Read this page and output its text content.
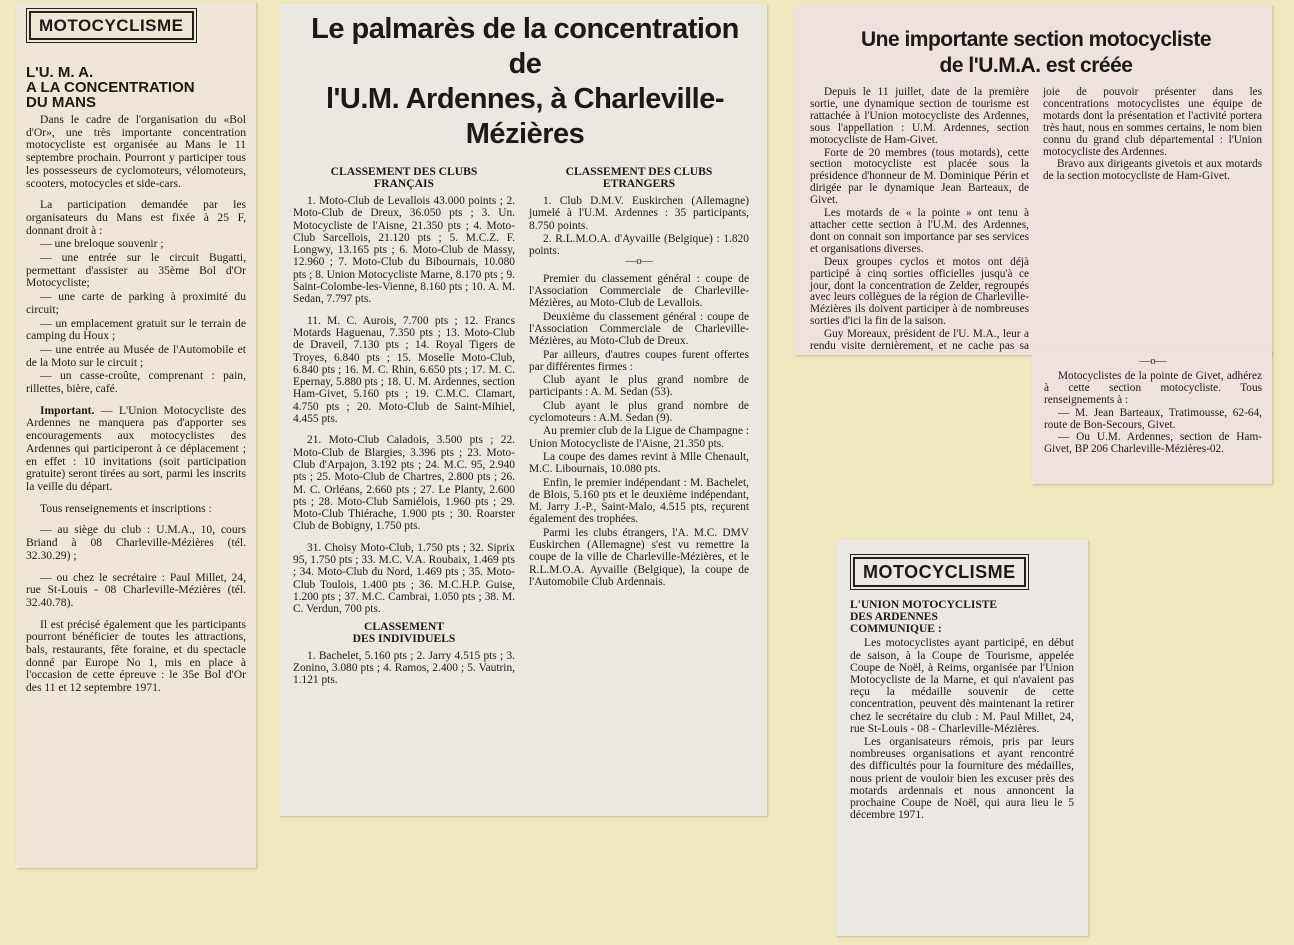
MOTOCYCLISME
L'U. M. A.
A LA CONCENTRATION
DU MANS

Dans le cadre de l'organisation du «Bol d'Or», une très importante concentration motocycliste est organisée au Mans le 11 septembre prochain. Pourront y participer tous les possesseurs de cyclomoteurs, vélomoteurs, scooters, motocycles et side-cars.

La participation demandée par les organisateurs du Mans est fixée à 25 F, donnant droit à :

— une breloque souvenir ;

— une entrée sur le circuit Bugatti, permettant d'assister au 35ème Bol d'Or Motocycliste;

— une carte de parking à proximité du circuit;

— un emplacement gratuit sur le terrain de camping du Houx ;

— une entrée au Musée de l'Automobile et de la Moto sur le circuit ;

— un casse-croûte, comprenant : pain, rillettes, bière, café.

Important. — L'Union Motocycliste des Ardennes ne manquera pas d'apporter ses encouragements aux motocyclistes des Ardennes qui participeront à ce déplacement ; en effet : 10 invitations (soit participation gratuite) seront tirées au sort, parmi les inscrits la veille du départ.

Tous renseignements et inscriptions :

— au siège du club : U.M.A., 10, cours Briand à 08 Charleville-Mézières (tél. 32.30.29) ;

— ou chez le secrétaire : Paul Millet, 24, rue St-Louis - 08 Charleville-Mézières (tél. 32.40.78).

Il est précisé également que les participants pourront bénéficier de toutes les attractions, bals, restaurants, fête foraine, et du spectacle donné par Europe No 1, mis en place à l'occasion de cette épreuve : le 35e Bol d'Or des 11 et 12 septembre 1971.

Le palmarès de la concentration de
l'U.M. Ardennes, à Charleville-Mézières
CLASSEMENT DES CLUBS
FRANÇAIS

1. Moto-Club de Levallois 43.000 points ; 2. Moto-Club de Dreux, 36.050 pts ; 3. Un. Motocycliste de l'Aisne, 21.350 pts ; 4. Moto-Club Sarcellois, 21.120 pts ; 5. M.C.Z. F. Longwy, 13.165 pts ; 6. Moto-Club de Massy, 12.960 ; 7. Moto-Club du Bibournais, 10.080 pts ; 8. Union Motocycliste Marne, 8.170 pts ; 9. Saint-Colombe-les-Vienne, 8.160 pts ; 10. A. M. Sedan, 7.797 pts.

11. M. C. Aurois, 7.700 pts ; 12. Francs Motards Haguenau, 7.350 pts ; 13. Moto-Club de Draveil, 7.130 pts ; 14. Royal Tigers de Troyes, 6.840 pts ; 15. Moselle Moto-Club, 6.840 pts ; 16. M. C. Rhin, 6.650 pts ; 17. M. C. Epernay, 5.880 pts ; 18. U. M. Ardennes, section Ham-Givet, 5.160 pts ; 19. C.M.C. Clamart, 4.750 pts ; 20. Moto-Club de Saint-Mihiel, 4.455 pts.

21. Moto-Club Caladois, 3.500 pts ; 22. Moto-Club de Blargies, 3.396 pts ; 23. Moto-Club d'Arpajon, 3.192 pts ; 24. M.C. 95, 2.940 pts ; 25. Moto-Club de Chartres, 2.800 pts ; 26. M. C. Orléans, 2.660 pts ; 27. Le Planty, 2.600 pts ; 28. Moto-Club Samiélois, 1.960 pts ; 29. Moto-Club Thiérache, 1.900 pts ; 30. Roarster Club de Bobigny, 1.750 pts.

31. Choisy Moto-Club, 1.750 pts ; 32. Siprix 95, 1.750 pts ; 33. M.C. V.A. Roubaix, 1.469 pts ; 34. Moto-Club du Nord, 1.469 pts ; 35. Moto-Club Toulois, 1.400 pts ; 36. M.C.H.P. Guise, 1.200 pts ; 37. M.C. Cambrai, 1.050 pts ; 38. M. C. Verdun, 700 pts.

CLASSEMENT
DES INDIVIDUELS

1. Bachelet, 5.160 pts ; 2. Jarry 4.515 pts ; 3. Zonino, 3.080 pts ; 4. Ramos, 2.400 ; 5. Vautrin, 1.121 pts.

CLASSEMENT DES CLUBS
ETRANGERS

1. Club D.M.V. Euskirchen (Allemagne) jumelé à l'U.M. Ardennes : 35 participants, 8.750 points.

2. R.L.M.O.A. d'Ayvaille (Belgique) : 1.820 points.

—o—

Premier du classement général : coupe de l'Association Commerciale de Charleville-Mézières, au Moto-Club de Levallois.

Deuxième du classement général : coupe de l'Association Commerciale de Charleville-Mézières, au Moto-Club de Dreux.

Par ailleurs, d'autres coupes furent offertes par différentes firmes :

Club ayant le plus grand nombre de participants : A. M. Sedan (53).

Club ayant le plus grand nombre de cyclomoteurs : A.M. Sedan (9).

Au premier club de la Ligue de Champagne : Union Motocycliste de l'Aisne, 21.350 pts.

La coupe des dames revint à Mlle Chenault, M.C. Libournais, 10.080 pts.

Enfin, le premier indépendant : M. Bachelet, de Blois, 5.160 pts et le deuxième indépendant, M. Jarry J.-P., Saint-Malo, 4.515 pts, reçurent également des trophées.

Parmi les clubs étrangers, l'A. M.C. DMV Euskirchen (Allemagne) s'est vu remettre la coupe de la ville de Charleville-Mézières, et le R.L.M.O.A. Ayvaille (Belgique), la coupe de l'Automobile Club Ardennais.

Une importante section motocycliste
de l'U.M.A. est créée

Depuis le 11 juillet, date de la première sortie, une dynamique section de tourisme est rattachée à l'Union motocycliste des Ardennes, sous l'appellation : U.M. Ardennes, section motocycliste de Ham-Givet.

Forte de 20 membres (tous motards), cette section motocycliste est placée sous la présidence d'honneur de M. Dominique Périn et dirigée par le dynamique Jean Barteaux, de Givet.

Les motards de « la pointe » ont tenu à attacher cette section à l'U.M. des Ardennes, dont on connait son importance par ses services et organisations diverses.

Deux groupes cyclos et motos ont déjà participé à cinq sorties officielles jusqu'à ce jour, dont la concentration de Zelder, regroupés avec leurs collègues de la région de Charleville-Mézières ils doivent participer à de nombreuses sorties d'ici la fin de la saison.

Guy Moreaux, président de l'U. M.A., leur a rendu visite dernièrement, et ne cache pas sa joie de pouvoir présenter dans les concentrations motocyclistes une équipe de motards dont la présentation et l'activité portera très haut, nous en sommes certains, le nom bien connu du grand club départemental : l'Union motocycliste des Ardennes.

Bravo aux dirigeants givetois et aux motards de la section motocycliste de Ham-Givet.

—o—

Motocyclistes de la pointe de Givet, adhérez à cette section motocycliste. Tous renseignements à :

— M. Jean Barteaux, Tratimousse, 62-64, route de Bon-Secours, Givet.

— Ou U.M. Ardennes, section de Ham-Givet, BP 206 Charleville-Mézières-02.

MOTOCYCLISME
L'UNION MOTOCYCLISTE
DES ARDENNES
COMMUNIQUE :

Les motocyclistes ayant participé, en début de saison, à la Coupe de Tourisme, appelée Coupe de Noël, à Reims, organisée par l'Union Motocycliste de la Marne, et qui n'avaient pas reçu la médaille souvenir de cette concentration, peuvent dès maintenant la retirer chez le secrétaire du club : M. Paul Millet, 24, rue St-Louis - 08 - Charleville-Mézières.

Les organisateurs rémois, pris par leurs nombreuses organisations et ayant rencontré des difficultés pour la fourniture des médailles, nous prient de vouloir bien les excuser près des motards ardennais et nous annoncent la prochaine Coupe de Noël, qui aura lieu le 5 décembre 1971.
